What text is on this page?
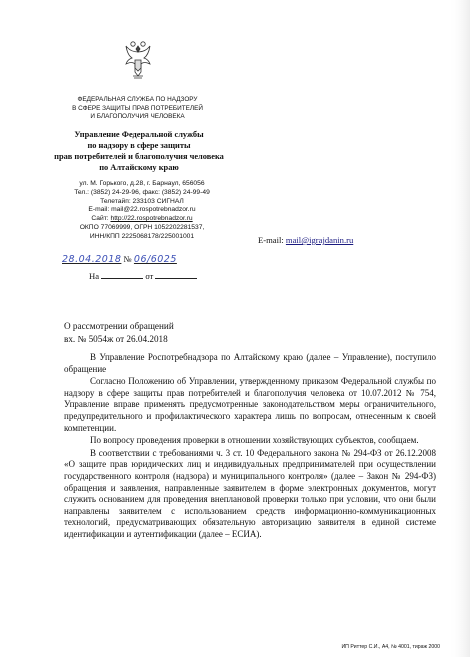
ФЕДЕРАЛЬНАЯ СЛУЖБА ПО НАДЗОРУ
В СФЕРЕ ЗАЩИТЫ ПРАВ ПОТРЕБИТЕЛЕЙ
И БЛАГОПОЛУЧИЯ ЧЕЛОВЕКА
Управление Федеральной службы
по надзору в сфере защиты
прав потребителей и благополучия человека
по Алтайскому краю
ул. М. Горького, д.28, г. Барнаул, 656056
Тел.: (3852) 24-29-96, факс: (3852) 24-99-49
Телетайп: 233103 СИГНАЛ
E-mail: mail@22.rospotrebnadzor.ru
Сайт: http://22.rospotrebnadzor.ru
ОКПО 77069999, ОГРН 1052202281537,
ИНН/КПП 2225068178/225001001	E-mail: mail@igrajdanin.ru
28.04.2018 № 06/6025
На	от
О рассмотрении обращений
вх. № 5054ж от 26.04.2018

В Управление Роспотребнадзора по Алтайскому краю (далее – Управление), поступило обращение

Согласно Положению об Управлении, утвержденному приказом Федеральной службы по надзору в сфере защиты прав потребителей и благополучия человека от 10.07.2012 № 754, Управление вправе применять предусмотренные законодательством меры ограничительного, предупредительного и профилактического характера лишь по вопросам, отнесенным к своей компетенции.

По вопросу проведения проверки в отношении хозяйствующих субъектов, сообщаем.

В соответствии с требованиями ч. 3 ст. 10 Федерального закона № 294-ФЗ от 26.12.2008 «О защите прав юридических лиц и индивидуальных предпринимателей при осуществлении государственного контроля (надзора) и муниципального контроля» (далее – Закон № 294-ФЗ) обращения и заявления, направленные заявителем в форме электронных документов, могут служить основанием для проведения внеплановой проверки только при условии, что они были направлены заявителем с использованием средств информационно-коммуникационных технологий, предусматривающих обязательную авторизацию заявителя в единой системе идентификации и аутентификации (далее – ЕСИА).

ИП Риттер С.И., А4, № 4001, тираж 2000
